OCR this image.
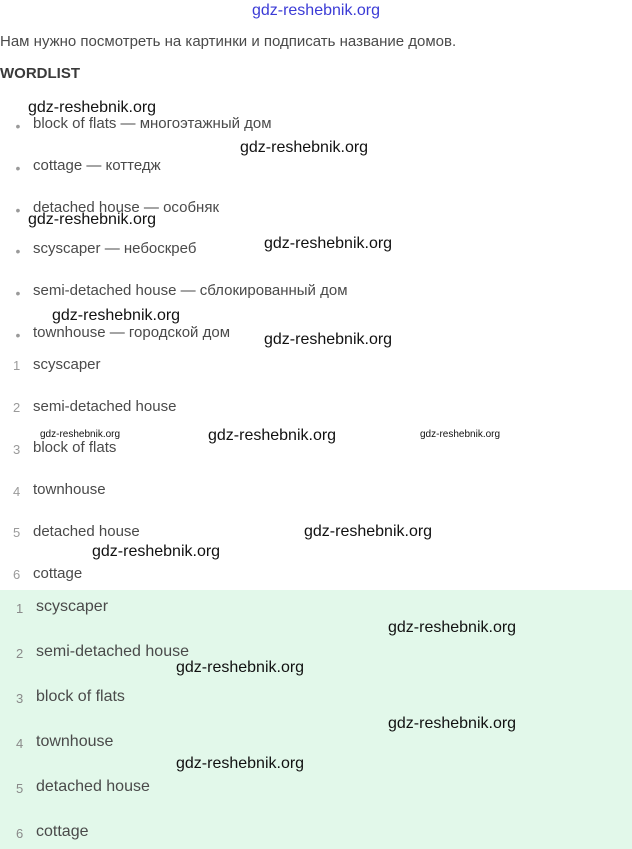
gdz-reshebnik.org
Нам нужно посмотреть на картинки и подписать название домов.
WORDLIST
• block of flats — многоэтажный дом
• cottage — коттедж
• detached house — особняк
• scyscaper — небоскреб
• semi-detached house — сблокированный дом
• townhouse — городской дом
1 scyscaper
2 semi-detached house
3 block of flats
4 townhouse
5 detached house
6 cottage
1 scyscaper
2 semi-detached house
3 block of flats
4 townhouse
5 detached house
6 cottage
gdz-reshebnik.org
gdz-reshebnik.org
gdz-reshebnik.org
gdz-reshebnik.org
gdz-reshebnik.org
gdz-reshebnik.org
gdz-reshebnik.org	gdz-reshebnik.org	gdz-reshebnik.org
gdz-reshebnik.org
gdz-reshebnik.org
gdz-reshebnik.org
gdz-reshebnik.org
gdz-reshebnik.org
gdz-reshebnik.org
